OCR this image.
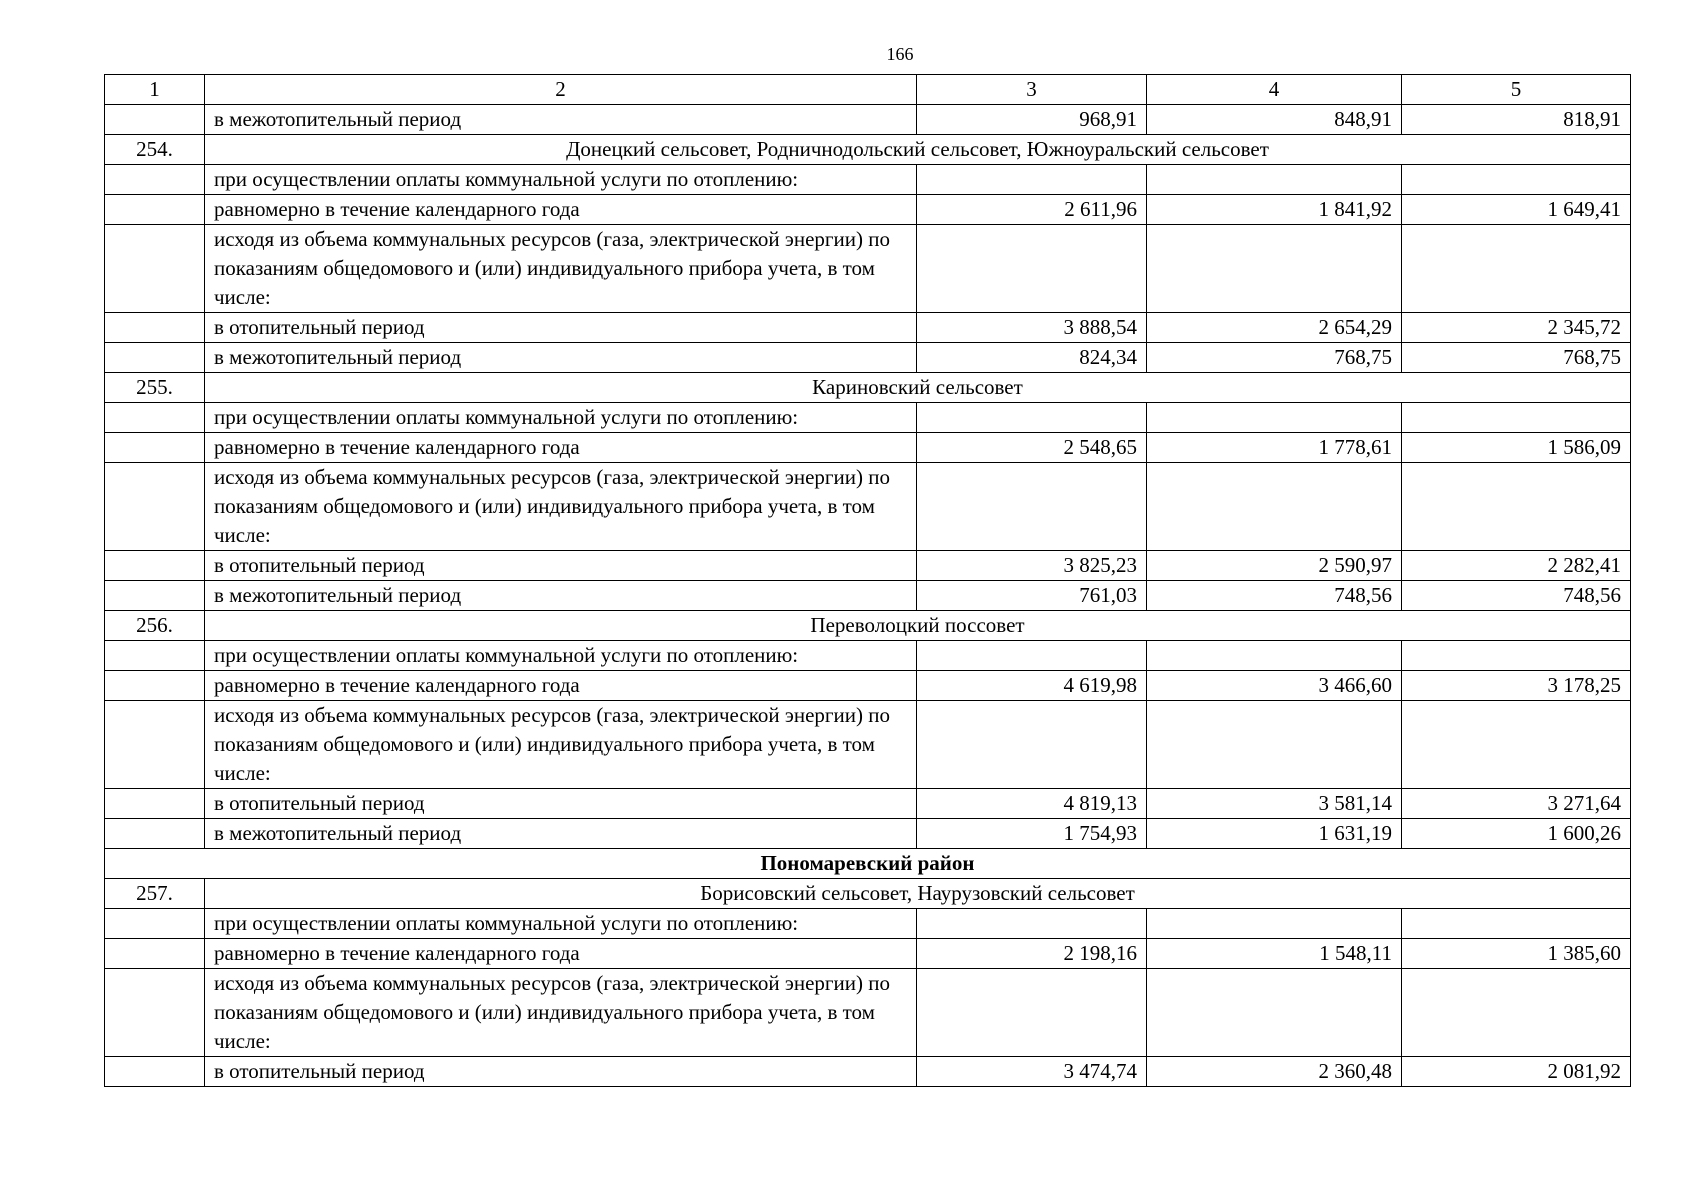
166
1	2	3	4	5
	в межотопительный период	968,91	848,91	818,91
254.	Донецкий сельсовет, Родничнодольский сельсовет, Южноуральский сельсовет			
	при осуществлении оплаты коммунальной услуги по отоплению:			
	равномерно в течение календарного года	2 611,96	1 841,92	1 649,41
	исходя из объема коммунальных ресурсов (газа, электрической энергии) по показаниям общедомового и (или) индивидуального прибора учета, в том числе:			
	в отопительный период	3 888,54	2 654,29	2 345,72
	в межотопительный период	824,34	768,75	768,75
255.	Кариновский сельсовет			
	при осуществлении оплаты коммунальной услуги по отоплению:			
	равномерно в течение календарного года	2 548,65	1 778,61	1 586,09
	исходя из объема коммунальных ресурсов (газа, электрической энергии) по показаниям общедомового и (или) индивидуального прибора учета, в том числе:			
	в отопительный период	3 825,23	2 590,97	2 282,41
	в межотопительный период	761,03	748,56	748,56
256.	Переволоцкий поссовет			
	при осуществлении оплаты коммунальной услуги по отоплению:			
	равномерно в течение календарного года	4 619,98	3 466,60	3 178,25
	исходя из объема коммунальных ресурсов (газа, электрической энергии) по показаниям общедомового и (или) индивидуального прибора учета, в том числе:			
	в отопительный период	4 819,13	3 581,14	3 271,64
	в межотопительный период	1 754,93	1 631,19	1 600,26
Пономаревский район				
257.	Борисовский сельсовет, Наурузовский сельсовет			
	при осуществлении оплаты коммунальной услуги по отоплению:			
	равномерно в течение календарного года	2 198,16	1 548,11	1 385,60
	исходя из объема коммунальных ресурсов (газа, электрической энергии) по показаниям общедомового и (или) индивидуального прибора учета, в том числе:			
	в отопительный период	3 474,74	2 360,48	2 081,92
